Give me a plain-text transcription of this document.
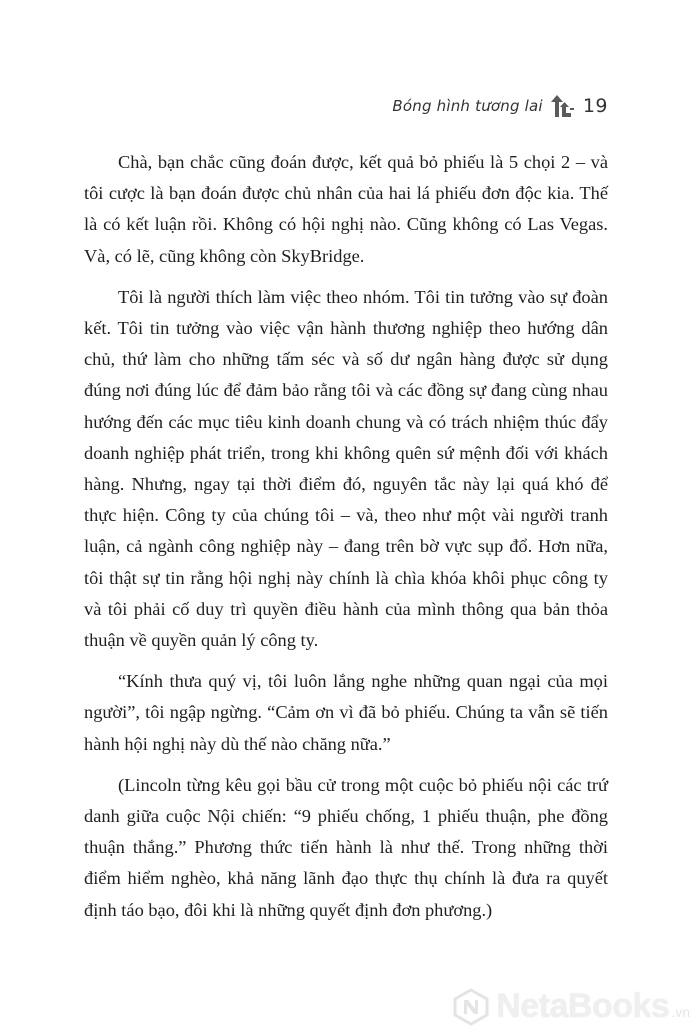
Bóng hình tương lai 19

Chà, bạn chắc cũng đoán được, kết quả bỏ phiếu là 5 chọi 2 – và tôi cược là bạn đoán được chủ nhân của hai lá phiếu đơn độc kia. Thế là có kết luận rồi. Không có hội nghị nào. Cũng không có Las Vegas. Và, có lẽ, cũng không còn SkyBridge.

Tôi là người thích làm việc theo nhóm. Tôi tin tưởng vào sự đoàn kết. Tôi tin tưởng vào việc vận hành thương nghiệp theo hướng dân chủ, thứ làm cho những tấm séc và số dư ngân hàng được sử dụng đúng nơi đúng lúc để đảm bảo rằng tôi và các đồng sự đang cùng nhau hướng đến các mục tiêu kinh doanh chung và có trách nhiệm thúc đẩy doanh nghiệp phát triển, trong khi không quên sứ mệnh đối với khách hàng. Nhưng, ngay tại thời điểm đó, nguyên tắc này lại quá khó để thực hiện. Công ty của chúng tôi – và, theo như một vài người tranh luận, cả ngành công nghiệp này – đang trên bờ vực sụp đổ. Hơn nữa, tôi thật sự tin rằng hội nghị này chính là chìa khóa khôi phục công ty và tôi phải cố duy trì quyền điều hành của mình thông qua bản thỏa thuận về quyền quản lý công ty.

“Kính thưa quý vị, tôi luôn lắng nghe những quan ngại của mọi người”, tôi ngập ngừng. “Cảm ơn vì đã bỏ phiếu. Chúng ta vẫn sẽ tiến hành hội nghị này dù thế nào chăng nữa.”

(Lincoln từng kêu gọi bầu cử trong một cuộc bỏ phiếu nội các trứ danh giữa cuộc Nội chiến: “9 phiếu chống, 1 phiếu thuận, phe đồng thuận thắng.” Phương thức tiến hành là như thế. Trong những thời điểm hiểm nghèo, khả năng lãnh đạo thực thụ chính là đưa ra quyết định táo bạo, đôi khi là những quyết định đơn phương.)

NetaBooks .vn
